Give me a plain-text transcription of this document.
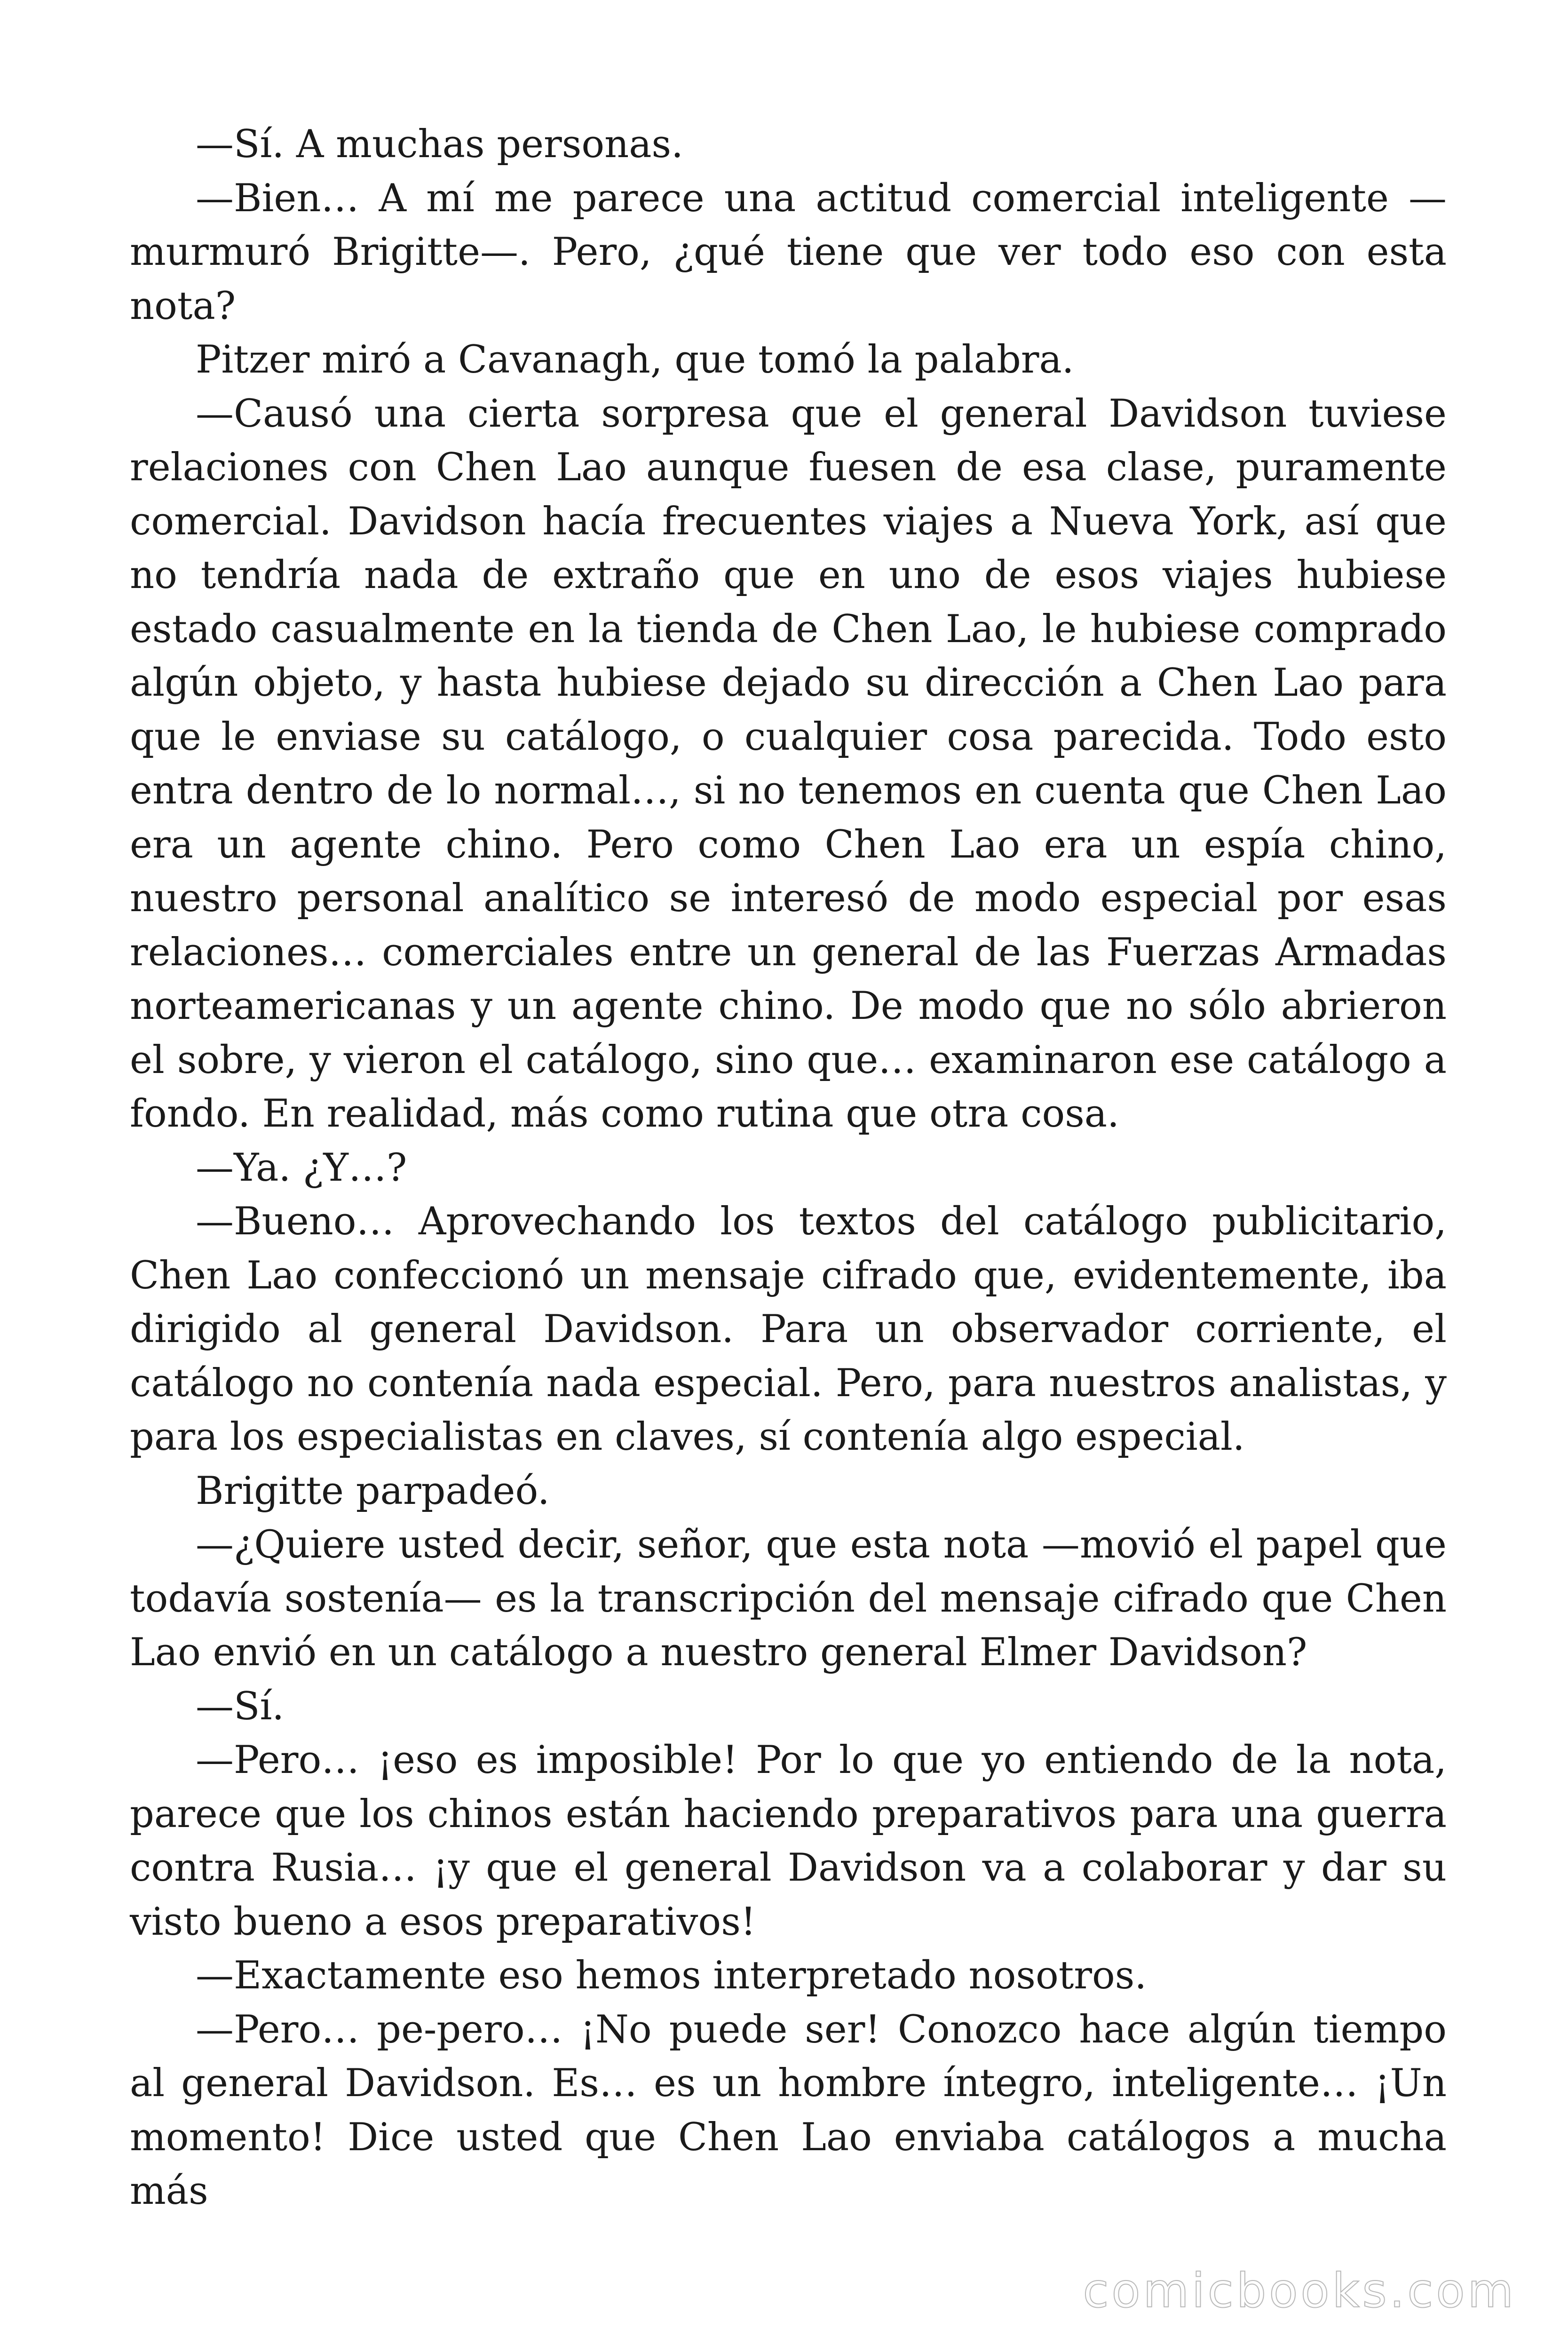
—Sí. A muchas personas.

—Bien… A mí me parece una actitud comercial inteligente —murmuró Brigitte—. Pero, ¿qué tiene que ver todo eso con esta nota?

Pitzer miró a Cavanagh, que tomó la palabra.

—Causó una cierta sorpresa que el general Davidson tuviese relaciones con Chen Lao aunque fuesen de esa clase, puramente comercial. Davidson hacía frecuentes viajes a Nueva York, así que no tendría nada de extraño que en uno de esos viajes hubiese estado casualmente en la tienda de Chen Lao, le hubiese comprado algún objeto, y hasta hubiese dejado su dirección a Chen Lao para que le enviase su catálogo, o cualquier cosa parecida. Todo esto entra dentro de lo normal…, si no tenemos en cuenta que Chen Lao era un agente chino. Pero como Chen Lao era un espía chino, nuestro personal analítico se interesó de modo especial por esas relaciones… comerciales entre un general de las Fuerzas Armadas norteamericanas y un agente chino. De modo que no sólo abrieron el sobre, y vieron el catálogo, sino que… examinaron ese catálogo a fondo. En realidad, más como rutina que otra cosa.

—Ya. ¿Y…?

—Bueno… Aprovechando los textos del catálogo publicitario, Chen Lao confeccionó un mensaje cifrado que, evidentemente, iba dirigido al general Davidson. Para un observador corriente, el catálogo no contenía nada especial. Pero, para nuestros analistas, y para los especialistas en claves, sí contenía algo especial.

Brigitte parpadeó.

—¿Quiere usted decir, señor, que esta nota —movió el papel que todavía sostenía— es la transcripción del mensaje cifrado que Chen Lao envió en un catálogo a nuestro general Elmer Davidson?

—Sí.

—Pero… ¡eso es imposible! Por lo que yo entiendo de la nota, parece que los chinos están haciendo preparativos para una guerra contra Rusia… ¡y que el general Davidson va a colaborar y dar su visto bueno a esos preparativos!

—Exactamente eso hemos interpretado nosotros.

—Pero… pe-pero… ¡No puede ser! Conozco hace algún tiempo al general Davidson. Es… es un hombre íntegro, inteligente… ¡Un momento! Dice usted que Chen Lao enviaba catálogos a mucha más

comicbooks.com
